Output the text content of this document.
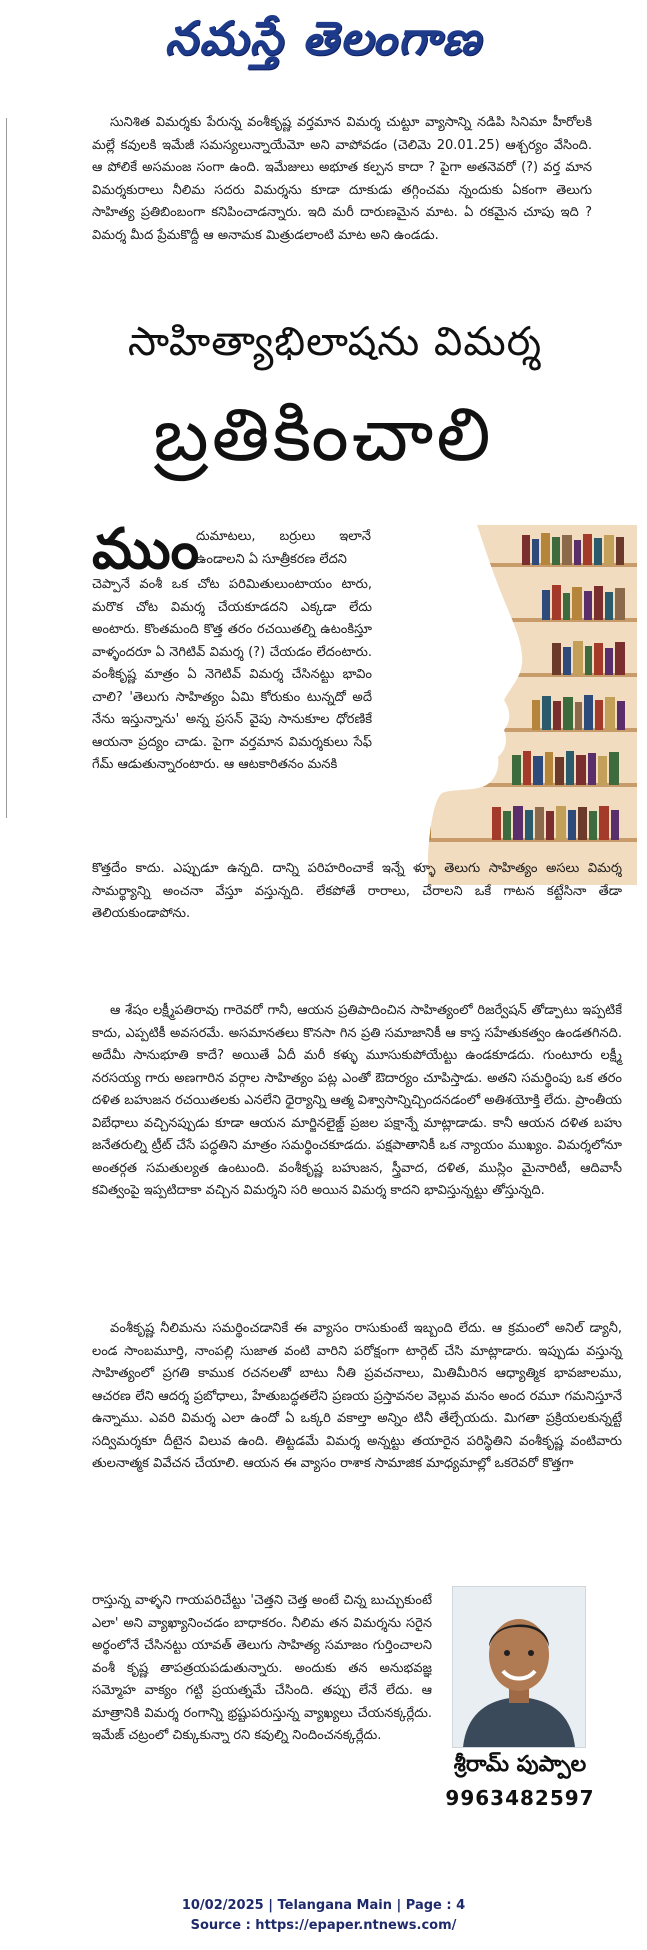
నమస్తే తెలంగాణ

సునిశిత విమర్శకు పేరున్న వంశీకృష్ణ వర్తమాన విమర్శ చుట్టూ వ్యాసాన్ని నడిపి సినిమా హీరోలకి మల్లే కవులకి ఇమేజీ సమస్యలున్నాయేమో అని వాపోవడం (చెలిమె 20.01.25) ఆశ్చర్యం వేసింది. ఆ పోలికే అసమంజ సంగా ఉంది. ఇమేజులు అభూత కల్పన కాదా ? పైగా అతనెవరో (?) వర్త మాన విమర్శకురాలు నీలిమ సదరు విమర్శను కూడా దూకుడు తగ్గించమ న్నందుకు ఏకంగా తెలుగు సాహిత్య ప్రతిబింబంగా కనిపించాడన్నారు. ఇది మరీ దారుణమైన మాట. ఏ రకమైన చూపు ఇది ? విమర్శ మీద ప్రేమకొద్దీ ఆ అనామక మిత్రుడలాంటి మాట అని ఉండడు.

సాహిత్యాభిలాషను విమర్శ
బ్రతికించాలి
ముం

దుమాటలు, బర్రులు ఇలానే ఉండాలని ఏ సూత్రీకరణ లేదని

చెప్పానే వంశీ ఒక చోట పరిమితులుంటాయం టారు, మరొక చోట విమర్శ చేయకూడదని ఎక్కడా లేదు అంటారు. కొంతమంది కొత్త తరం రచయితల్ని ఉటంకిస్తూ వాళ్ళందరూ ఏ నెగిటివ్ విమర్శ (?) చేయడం లేదంటారు. వంశీకృష్ణ మాత్రం ఏ నెగెటివ్ విమర్శ చేసినట్టు భావిం చాలి? 'తెలుగు సాహిత్యం ఏమి కోరుకుం టున్నదో అదే నేను ఇస్తున్నాను' అన్న ప్రసన్ వైపు సానుకూల ధోరణికే ఆయనా ప్రద్యం చాడు. పైగా వర్తమాన విమర్శకులు సేఫ్ గేమ్ ఆడుతున్నారంటారు. ఆ ఆటకారితనం మనకి

కొత్తదేం కాదు. ఎప్పుడూ ఉన్నది. దాన్ని పరిహరించాకే ఇన్నే ళ్ళూ తెలుగు సాహిత్యం అసలు విమర్శ సామర్థ్యాన్ని అంచనా వేస్తూ వస్తున్నది. లేకపోతే రారాలు, చేరాలని ఒకే గాటన కట్టేసినా తేడా తెలియకుండాపోను.

ఆ శేషం లక్ష్మీపతిరావు గారెవరో గానీ, ఆయన ప్రతిపాదించిన సాహిత్యంలో రిజర్వేషన్ తోడ్పాటు ఇప్పటికే కాదు, ఎప్పటికీ అవసరమే. అసమానతలు కొనసా గిన ప్రతి సమాజానికీ ఆ కాస్త సహేతుకత్వం ఉండతగినది. అదేమీ సానుభూతి కాదే? అయితే ఏదీ మరీ కళ్ళు మూసుకుపోయేట్టు ఉండకూడదు. గుంటూరు లక్ష్మీ నరసయ్య గారు అణగారిన వర్గాల సాహిత్యం పట్ల ఎంతో ఔదార్యం చూపిస్తాడు. అతని సమర్థింపు ఒక తరం దళిత బహుజన రచయితలకు ఎనలేని ధైర్యాన్ని ఆత్మ విశ్వాసాన్నిచ్చిందనడంలో అతిశయోక్తి లేదు. ప్రాంతీయ విబేధాలు వచ్చినప్పుడు కూడా ఆయన మార్జినలైజ్డ్ ప్రజల పక్షాన్నే మాట్లాడాడు. కానీ ఆయన దళిత బహు జనేతరుల్ని ట్రీట్ చేసే పద్ధతిని మాత్రం సమర్థించకూడదు. పక్షపాతానికీ ఒక న్యాయం ముఖ్యం. విమర్శలోనూ అంతర్గత సమతుల్యత ఉంటుంది. వంశీకృష్ణ బహుజన, స్త్రీవాద, దళిత, ముస్లిం మైనారిటీ, ఆదివాసీ కవిత్వంపై ఇప్పటిదాకా వచ్చిన విమర్శని సరి అయిన విమర్శ కాదని భావిస్తున్నట్టు తోస్తున్నది.

వంశీకృష్ణ నీలిమను సమర్థించడానికే ఈ వ్యాసం రాసుకుంటే ఇబ్బంది లేదు. ఆ క్రమంలో అనిల్ డ్యానీ, లండ సాంబమూర్తి, నాంపల్లి సుజాత వంటి వారిని పరోక్షంగా టార్గెట్ చేసి మాట్లాడారు. ఇప్పుడు వస్తున్న సాహిత్యంలో ప్రగతి కాముక రచనలతో బాటు నీతి ప్రవచనాలు, మితిమీరిన ఆధ్యాత్మిక భావజాలము, ఆచరణ లేని ఆదర్శ ప్రబోధాలు, హేతుబద్ధతలేని ప్రణయ ప్రస్తావనల వెల్లువ మనం అంద రమూ గమనిస్తూనే ఉన్నాము. ఎవరి విమర్శ ఎలా ఉందో ఏ ఒక్కరి వకాల్తా అన్నిం టినీ తేల్చేయదు. మిగతా ప్రక్రియలకున్నట్టే సద్విమర్శకూ దీటైన విలువ ఉంది. తిట్టడమే విమర్శ అన్నట్టు తయారైన పరిస్థితిని వంశీకృష్ణ వంటివారు తులనాత్మక వివేచన చేయాలి. ఆయన ఈ వ్యాసం రాశాక సామాజిక మాధ్యమాల్లో ఒకరెవరో కొత్తగా

రాస్తున్న వాళ్ళని గాయపరిచేట్టు 'చెత్తని చెత్త అంటే చిన్న బుచ్చుకుంటే ఎలా' అని వ్యాఖ్యానించడం బాధాకరం. నీలిమ తన విమర్శను సరైన అర్థంలోనే చేసినట్టు యావత్ తెలుగు సాహిత్య సమాజం గుర్తించాలని వంశీ కృష్ణ తాపత్రయపడుతున్నారు. అందుకు తన అనుభవజ్ఞ సమ్మోహ వాక్యం గట్టి ప్రయత్నమే చేసింది. తప్పు లేనే లేదు. ఆ మాత్రానికి విమర్శ రంగాన్ని భ్రష్టుపరుస్తున్న వ్యాఖ్యలు చేయనక్కర్లేదు. ఇమేజ్ చట్రంలో చిక్కుకున్నా రని కవుల్ని నిందించనక్కర్లేదు.

శ్రీరామ్ పుప్పాల
9963482597
10/02/2025 | Telangana Main | Page : 4
Source : https://epaper.ntnews.com/
